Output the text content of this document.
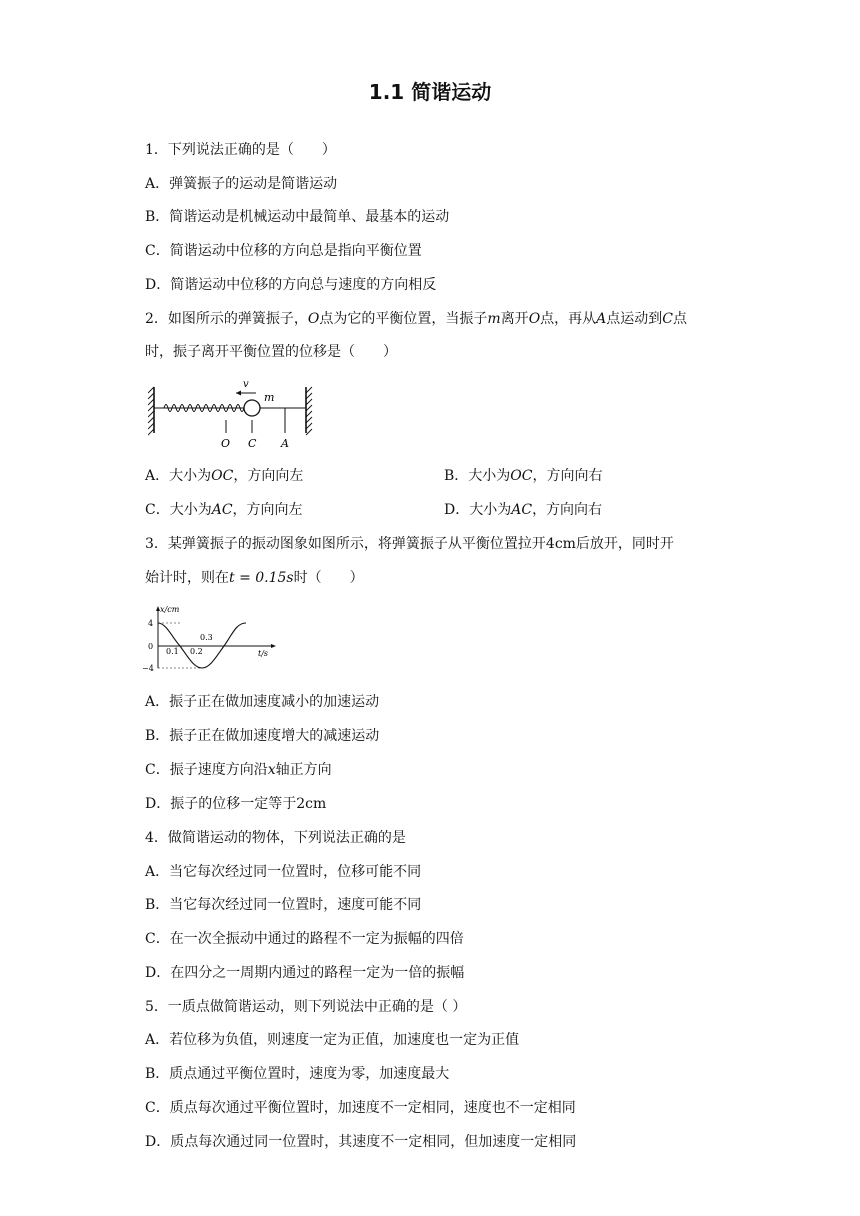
1.1 简谐运动
1．下列说法正确的是（　　）
A．弹簧振子的运动是简谐运动
B．简谐运动是机械运动中最简单、最基本的运动
C．简谐运动中位移的方向总是指向平衡位置
D．简谐运动中位移的方向总与速度的方向相反
2．如图所示的弹簧振子，O点为它的平衡位置，当振子m离开O点，再从A点运动到C点
时，振子离开平衡位置的位移是（　　）
m
v
O C A
A．大小为OC，方向向左	B．大小为OC，方向向右
C．大小为AC，方向向左	D．大小为AC，方向向右
3．某弹簧振子的振动图象如图所示，将弹簧振子从平衡位置拉开4cm后放开，同时开
始计时，则在t = 0.15s时（　　）
x/cm
4
0
−4
0.1 0.2
0.3
t/s
A．振子正在做加速度减小的加速运动
B．振子正在做加速度增大的减速运动
C．振子速度方向沿x轴正方向
D．振子的位移一定等于2cm
4．做简谐运动的物体，下列说法正确的是
A．当它每次经过同一位置时，位移可能不同
B．当它每次经过同一位置时，速度可能不同
C．在一次全振动中通过的路程不一定为振幅的四倍
D．在四分之一周期内通过的路程一定为一倍的振幅
5．一质点做简谐运动，则下列说法中正确的是（ ）
A．若位移为负值，则速度一定为正值，加速度也一定为正值
B．质点通过平衡位置时，速度为零，加速度最大
C．质点每次通过平衡位置时，加速度不一定相同，速度也不一定相同
D．质点每次通过同一位置时，其速度不一定相同，但加速度一定相同
